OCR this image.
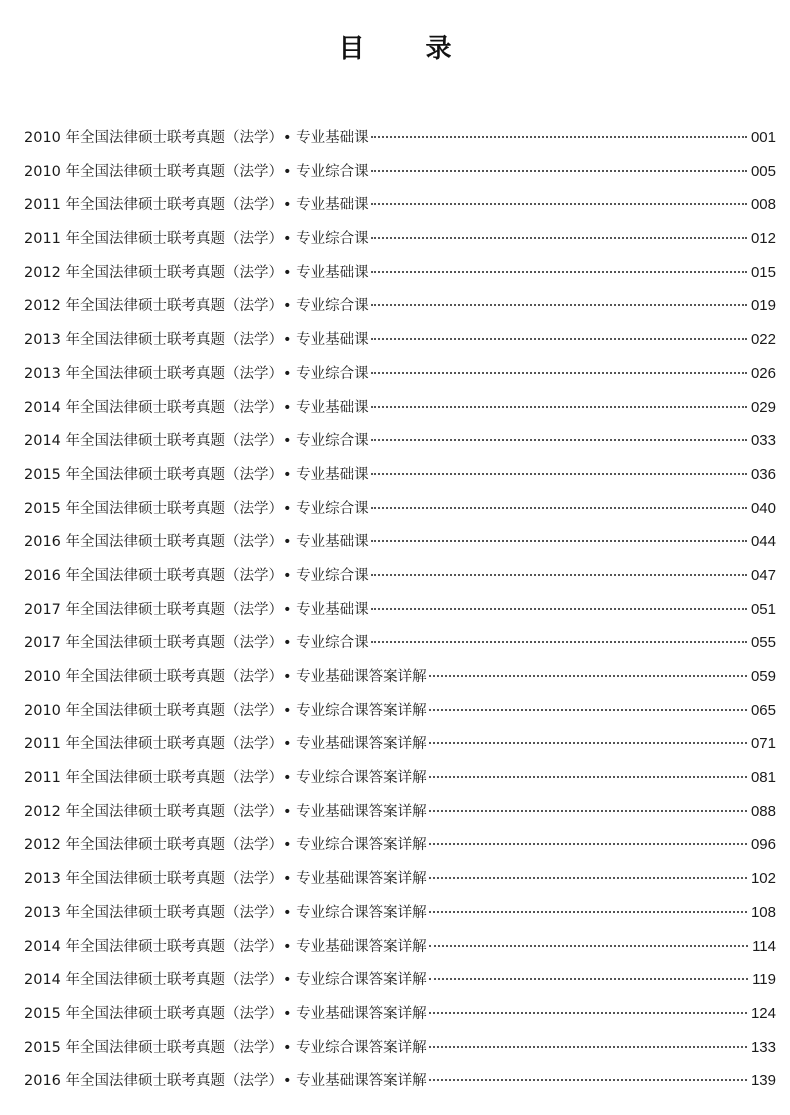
目 录
2010 年全国法律硕士联考真题（法学）• 专业基础课	001
2010 年全国法律硕士联考真题（法学）• 专业综合课	005
2011 年全国法律硕士联考真题（法学）• 专业基础课	008
2011 年全国法律硕士联考真题（法学）• 专业综合课	012
2012 年全国法律硕士联考真题（法学）• 专业基础课	015
2012 年全国法律硕士联考真题（法学）• 专业综合课	019
2013 年全国法律硕士联考真题（法学）• 专业基础课	022
2013 年全国法律硕士联考真题（法学）• 专业综合课	026
2014 年全国法律硕士联考真题（法学）• 专业基础课	029
2014 年全国法律硕士联考真题（法学）• 专业综合课	033
2015 年全国法律硕士联考真题（法学）• 专业基础课	036
2015 年全国法律硕士联考真题（法学）• 专业综合课	040
2016 年全国法律硕士联考真题（法学）• 专业基础课	044
2016 年全国法律硕士联考真题（法学）• 专业综合课	047
2017 年全国法律硕士联考真题（法学）• 专业基础课	051
2017 年全国法律硕士联考真题（法学）• 专业综合课	055
2010 年全国法律硕士联考真题（法学）• 专业基础课答案详解	059
2010 年全国法律硕士联考真题（法学）• 专业综合课答案详解	065
2011 年全国法律硕士联考真题（法学）• 专业基础课答案详解	071
2011 年全国法律硕士联考真题（法学）• 专业综合课答案详解	081
2012 年全国法律硕士联考真题（法学）• 专业基础课答案详解	088
2012 年全国法律硕士联考真题（法学）• 专业综合课答案详解	096
2013 年全国法律硕士联考真题（法学）• 专业基础课答案详解	102
2013 年全国法律硕士联考真题（法学）• 专业综合课答案详解	108
2014 年全国法律硕士联考真题（法学）• 专业基础课答案详解	114
2014 年全国法律硕士联考真题（法学）• 专业综合课答案详解	119
2015 年全国法律硕士联考真题（法学）• 专业基础课答案详解	124
2015 年全国法律硕士联考真题（法学）• 专业综合课答案详解	133
2016 年全国法律硕士联考真题（法学）• 专业基础课答案详解	139
